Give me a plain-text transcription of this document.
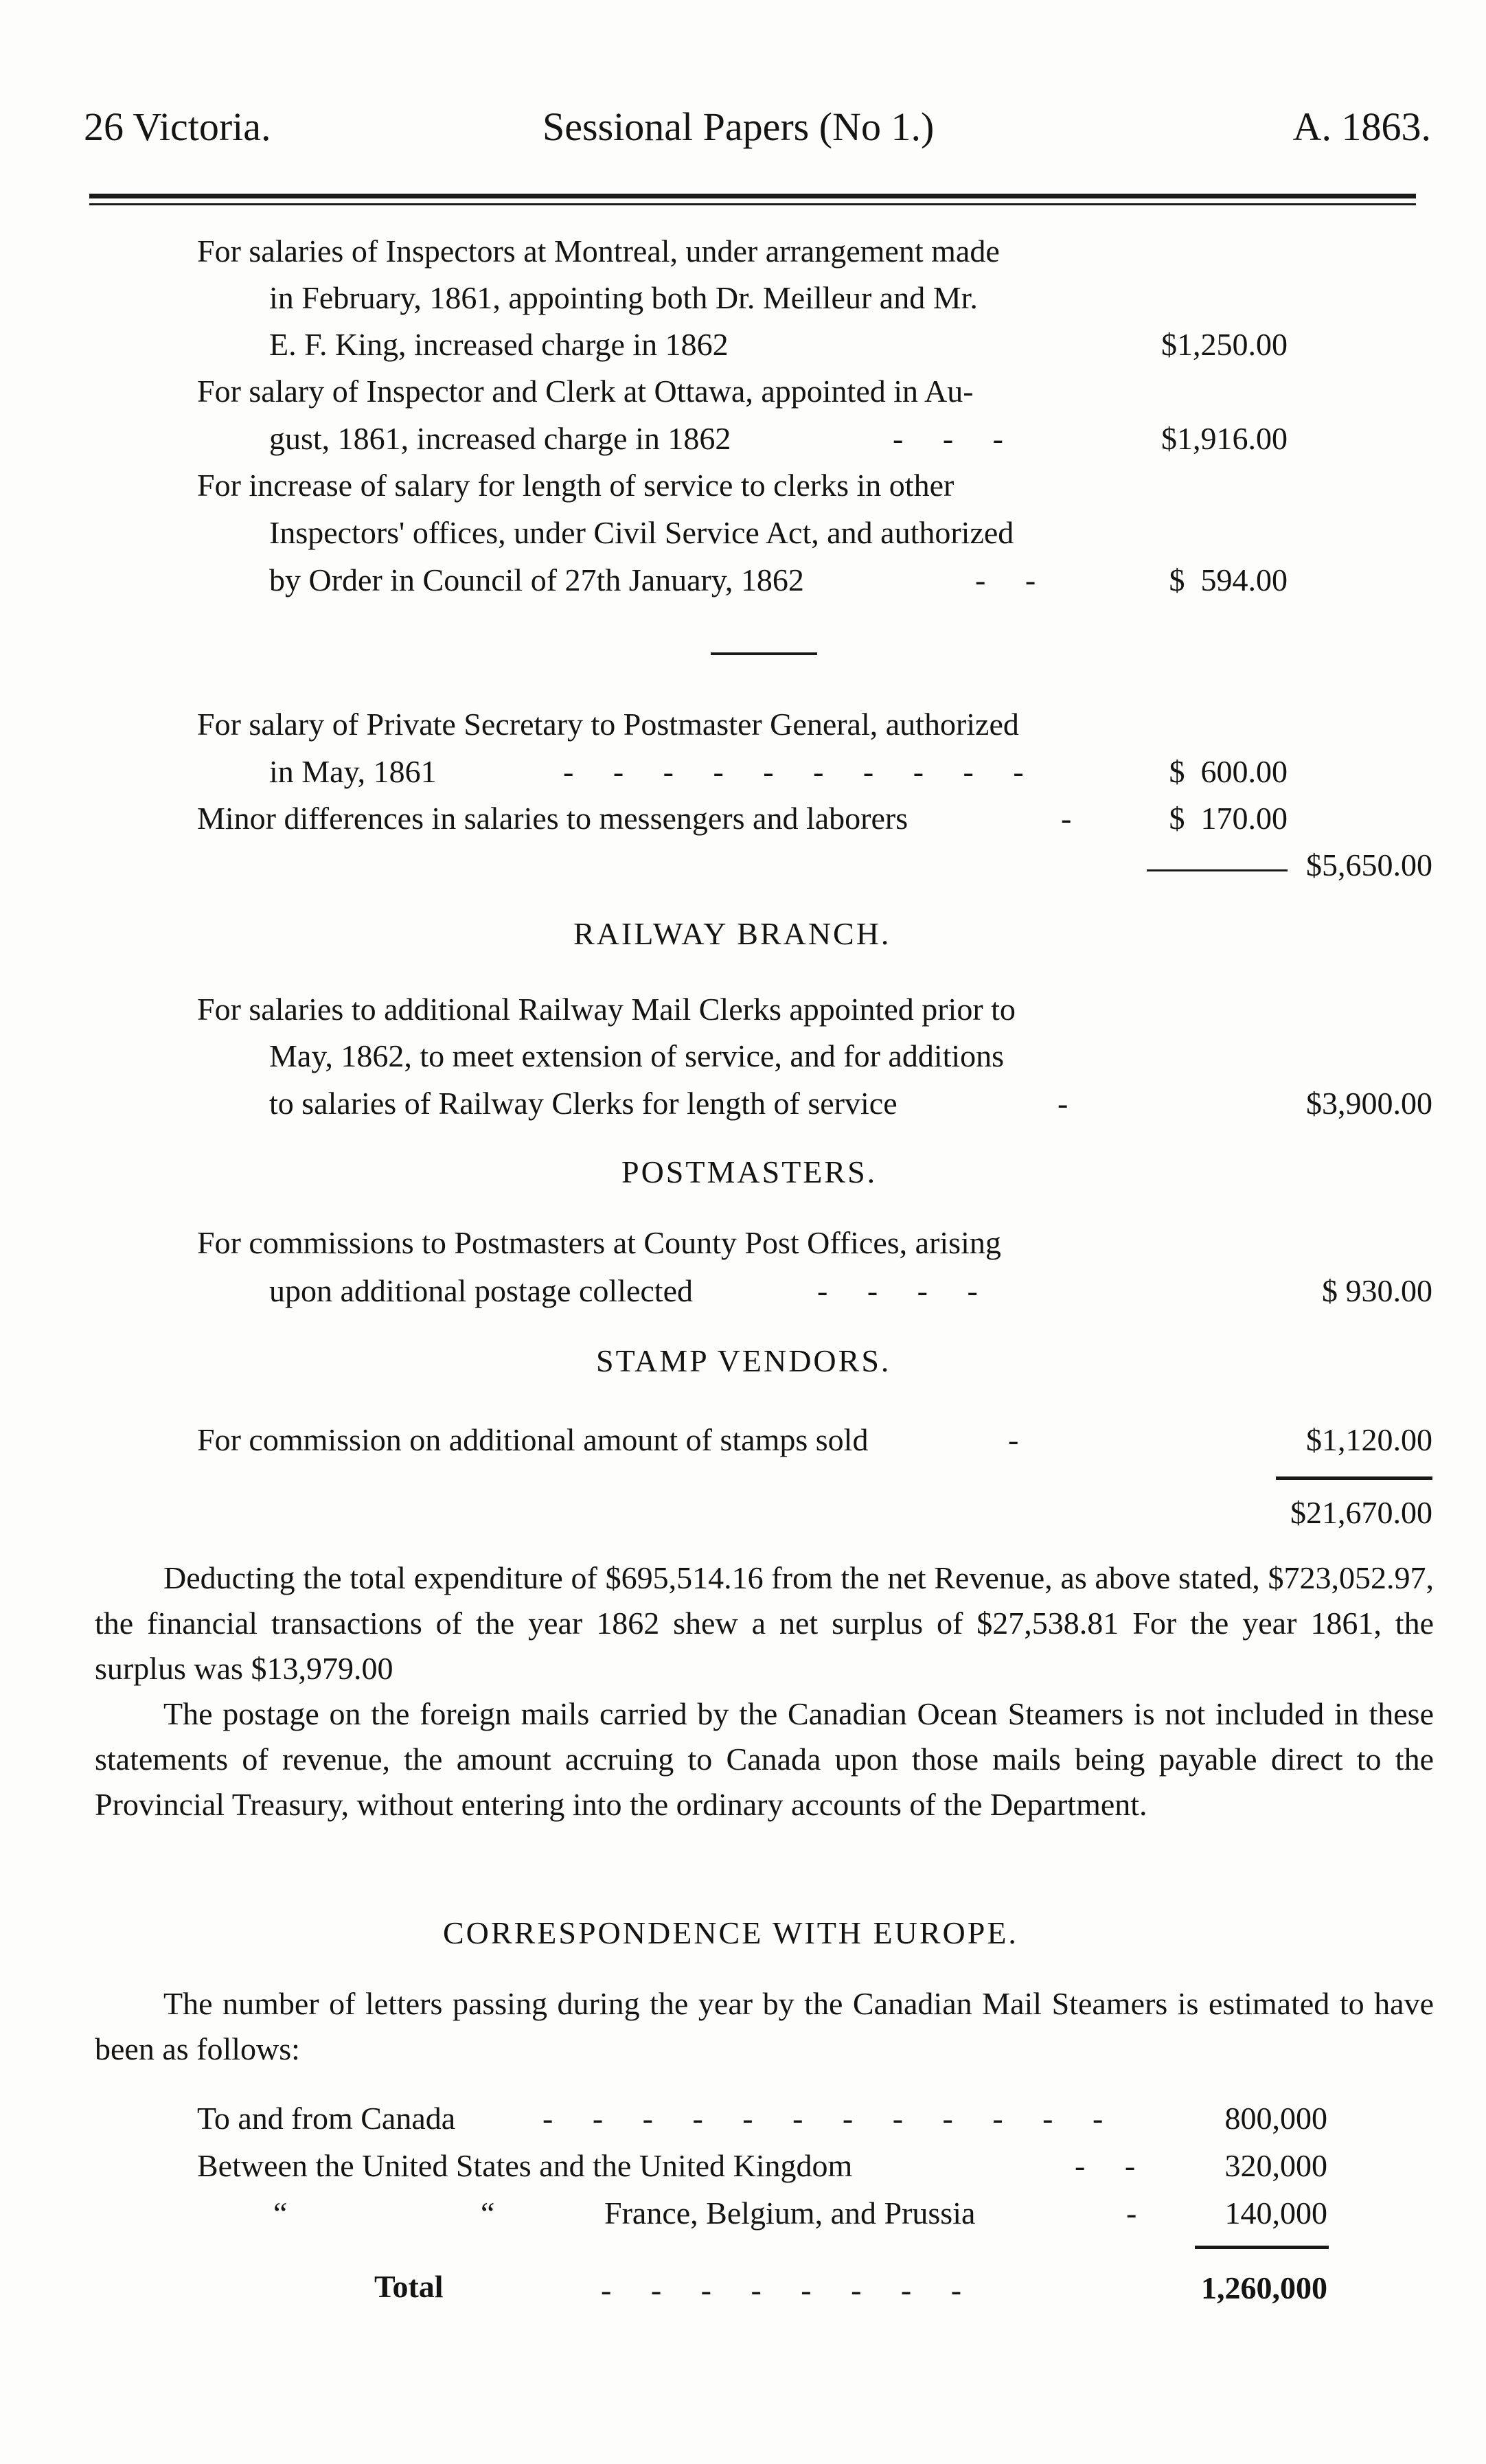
26 Victoria.	Sessional Papers (No 1.)	A. 1863.
For salaries of Inspectors at Montreal, under arrangement made
in February, 1861, appointing both Dr. Meilleur and Mr.
E. F. King, increased charge in 1862	$1,250.00
For salary of Inspector and Clerk at Ottawa, appointed in Au-
gust, 1861, increased charge in 1862	-     -     -	$1,916.00
For increase of salary for length of service to clerks in other
Inspectors' offices, under Civil Service Act, and authorized
by Order in Council of 27th January, 1862	-     -	$  594.00
For salary of Private Secretary to Postmaster General, authorized
in May, 1861	-     -     -     -     -     -     -     -     -     -	$  600.00
Minor differences in salaries to messengers and laborers	-	$  170.00
$5,650.00
RAILWAY BRANCH.
For salaries to additional Railway Mail Clerks appointed prior to
May, 1862, to meet extension of service, and for additions
to salaries of Railway Clerks for length of service	-	$3,900.00
POSTMASTERS.
For commissions to Postmasters at County Post Offices, arising
upon additional postage collected	-     -     -     -	$ 930.00
STAMP VENDORS.
For commission on additional amount of stamps sold	-	$1,120.00
$21,670.00

Deducting the total expenditure of $695,514.16 from the net Revenue, as above stated, $723,052.97, the financial transactions of the year 1862 shew a net surplus of $27,538.81 For the year 1861, the surplus was $13,979.00

The postage on the foreign mails carried by the Canadian Ocean Steamers is not included in these statements of revenue, the amount accruing to Canada upon those mails being payable direct to the Provincial Treasury, without entering into the ordinary accounts of the Department.

CORRESPONDENCE WITH EUROPE.

The number of letters passing during the year by the Canadian Mail Steamers is estimated to have been as follows:

To and from Canada	-     -     -     -     -     -     -     -     -     -     -     -	800,000
Between the United States and the United Kingdom	-     -	320,000
“	“	France, Belgium, and Prussia	-	140,000
Total	-     -     -     -     -     -     -     -	1,260,000
